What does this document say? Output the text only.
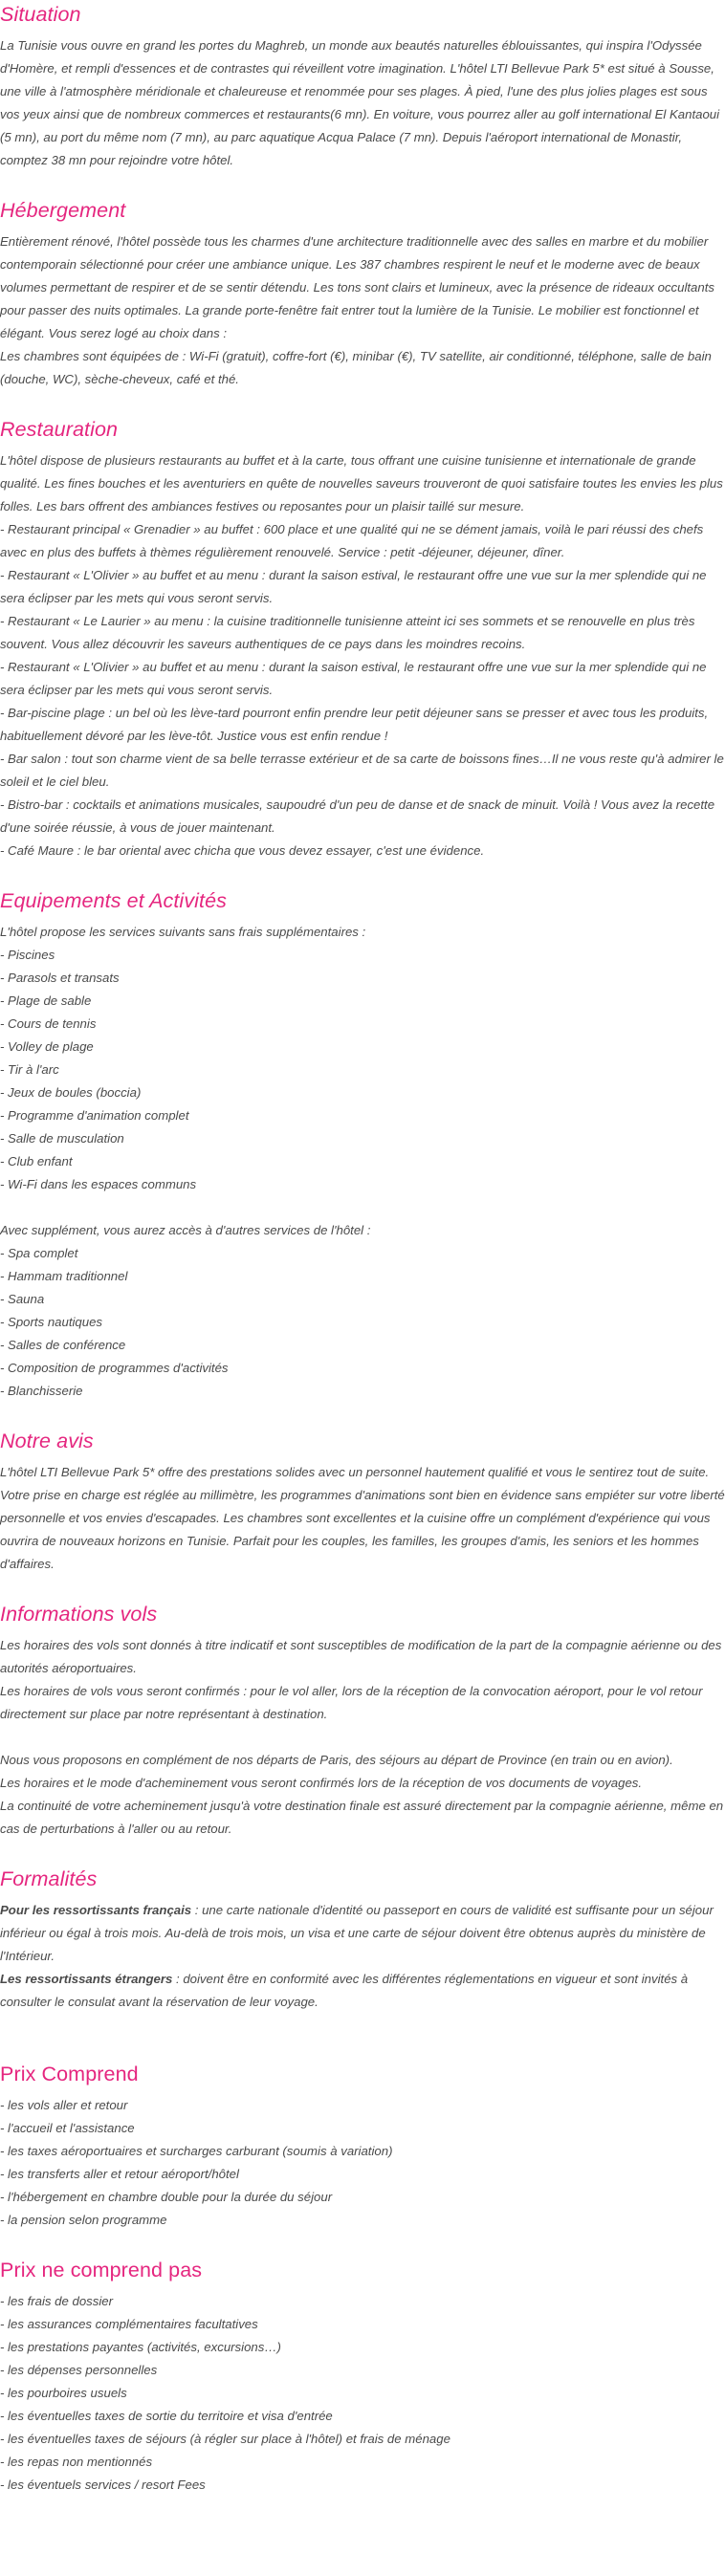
Situation

La Tunisie vous ouvre en grand les portes du Maghreb, un monde aux beautés naturelles éblouissantes, qui inspira l'Odyssée d'Homère, et rempli d'essences et de contrastes qui réveillent votre imagination. L'hôtel LTI Bellevue Park 5* est situé à Sousse, une ville à l'atmosphère méridionale et chaleureuse et renommée pour ses plages. À pied, l'une des plus jolies plages est sous vos yeux ainsi que de nombreux commerces et restaurants(6 mn). En voiture, vous pourrez aller au golf international El Kantaoui (5 mn), au port du même nom (7 mn), au parc aquatique Acqua Palace (7 mn). Depuis l'aéroport international de Monastir, comptez 38 mn pour rejoindre votre hôtel.

Hébergement

Entièrement rénové, l'hôtel possède tous les charmes d'une architecture traditionnelle avec des salles en marbre et du mobilier contemporain sélectionné pour créer une ambiance unique. Les 387 chambres respirent le neuf et le moderne avec de beaux volumes permettant de respirer et de se sentir détendu. Les tons sont clairs et lumineux, avec la présence de rideaux occultants pour passer des nuits optimales. La grande porte-fenêtre fait entrer tout la lumière de la Tunisie. Le mobilier est fonctionnel et élégant. Vous serez logé au choix dans :

Les chambres sont équipées de : Wi-Fi (gratuit), coffre-fort (€), minibar (€), TV satellite, air conditionné, téléphone, salle de bain (douche, WC), sèche-cheveux, café et thé.

Restauration

L'hôtel dispose de plusieurs restaurants au buffet et à la carte, tous offrant une cuisine tunisienne et internationale de grande qualité. Les fines bouches et les aventuriers en quête de nouvelles saveurs trouveront de quoi satisfaire toutes les envies les plus folles. Les bars offrent des ambiances festives ou reposantes pour un plaisir taillé sur mesure.

- Restaurant principal « Grenadier » au buffet : 600 place et une qualité qui ne se dément jamais, voilà le pari réussi des chefs avec en plus des buffets à thèmes régulièrement renouvelé. Service : petit -déjeuner, déjeuner, dîner.

- Restaurant « L'Olivier » au buffet et au menu : durant la saison estival, le restaurant offre une vue sur la mer splendide qui ne sera éclipser par les mets qui vous seront servis.

- Restaurant « Le Laurier » au menu : la cuisine traditionnelle tunisienne atteint ici ses sommets et se renouvelle en plus très souvent. Vous allez découvrir les saveurs authentiques de ce pays dans les moindres recoins.

- Restaurant « L'Olivier » au buffet et au menu : durant la saison estival, le restaurant offre une vue sur la mer splendide qui ne sera éclipser par les mets qui vous seront servis.

- Bar-piscine plage : un bel où les lève-tard pourront enfin prendre leur petit déjeuner sans se presser et avec tous les produits, habituellement dévoré par les lève-tôt. Justice vous est enfin rendue !

- Bar salon : tout son charme vient de sa belle terrasse extérieur et de sa carte de boissons fines…Il ne vous reste qu'à admirer le soleil et le ciel bleu.

- Bistro-bar : cocktails et animations musicales, saupoudré d'un peu de danse et de snack de minuit. Voilà ! Vous avez la recette d'une soirée réussie, à vous de jouer maintenant.

- Café Maure : le bar oriental avec chicha que vous devez essayer, c'est une évidence.

Equipements et Activités

L'hôtel propose les services suivants sans frais supplémentaires :

- Piscines
- Parasols et transats
- Plage de sable
- Cours de tennis
- Volley de plage
- Tir à l'arc
- Jeux de boules (boccia)
- Programme d'animation complet
- Salle de musculation
- Club enfant
- Wi-Fi dans les espaces communs

Avec supplément, vous aurez accès à d'autres services de l'hôtel :

- Spa complet
- Hammam traditionnel
- Sauna
- Sports nautiques
- Salles de conférence
- Composition de programmes d'activités
- Blanchisserie
Notre avis

L'hôtel LTI Bellevue Park 5* offre des prestations solides avec un personnel hautement qualifié et vous le sentirez tout de suite. Votre prise en charge est réglée au millimètre, les programmes d'animations sont bien en évidence sans empiéter sur votre liberté personnelle et vos envies d'escapades. Les chambres sont excellentes et la cuisine offre un complément d'expérience qui vous ouvrira de nouveaux horizons en Tunisie. Parfait pour les couples, les familles, les groupes d'amis, les seniors et les hommes d'affaires.

Informations vols

Les horaires des vols sont donnés à titre indicatif et sont susceptibles de modification de la part de la compagnie aérienne ou des autorités aéroportuaires.

Les horaires de vols vous seront confirmés : pour le vol aller, lors de la réception de la convocation aéroport, pour le vol retour directement sur place par notre représentant à destination.

Nous vous proposons en complément de nos départs de Paris, des séjours au départ de Province (en train ou en avion).

Les horaires et le mode d'acheminement vous seront confirmés lors de la réception de vos documents de voyages.

La continuité de votre acheminement jusqu'à votre destination finale est assuré directement par la compagnie aérienne, même en cas de perturbations à l'aller ou au retour.

Formalités

Pour les ressortissants français : une carte nationale d'identité ou passeport en cours de validité est suffisante pour un séjour inférieur ou égal à trois mois. Au-delà de trois mois, un visa et une carte de séjour doivent être obtenus auprès du ministère de l'Intérieur.

Les ressortissants étrangers : doivent être en conformité avec les différentes réglementations en vigueur et sont invités à consulter le consulat avant la réservation de leur voyage.

Prix Comprend
- les vols aller et retour
- l'accueil et l'assistance
- les taxes aéroportuaires et surcharges carburant (soumis à variation)
- les transferts aller et retour aéroport/hôtel
- l'hébergement en chambre double pour la durée du séjour
- la pension selon programme
Prix ne comprend pas
- les frais de dossier
- les assurances complémentaires facultatives
- les prestations payantes (activités, excursions…)
- les dépenses personnelles
- les pourboires usuels
- les éventuelles taxes de sortie du territoire et visa d'entrée
- les éventuelles taxes de séjours (à régler sur place à l'hôtel) et frais de ménage
- les repas non mentionnés
- les éventuels services / resort Fees
